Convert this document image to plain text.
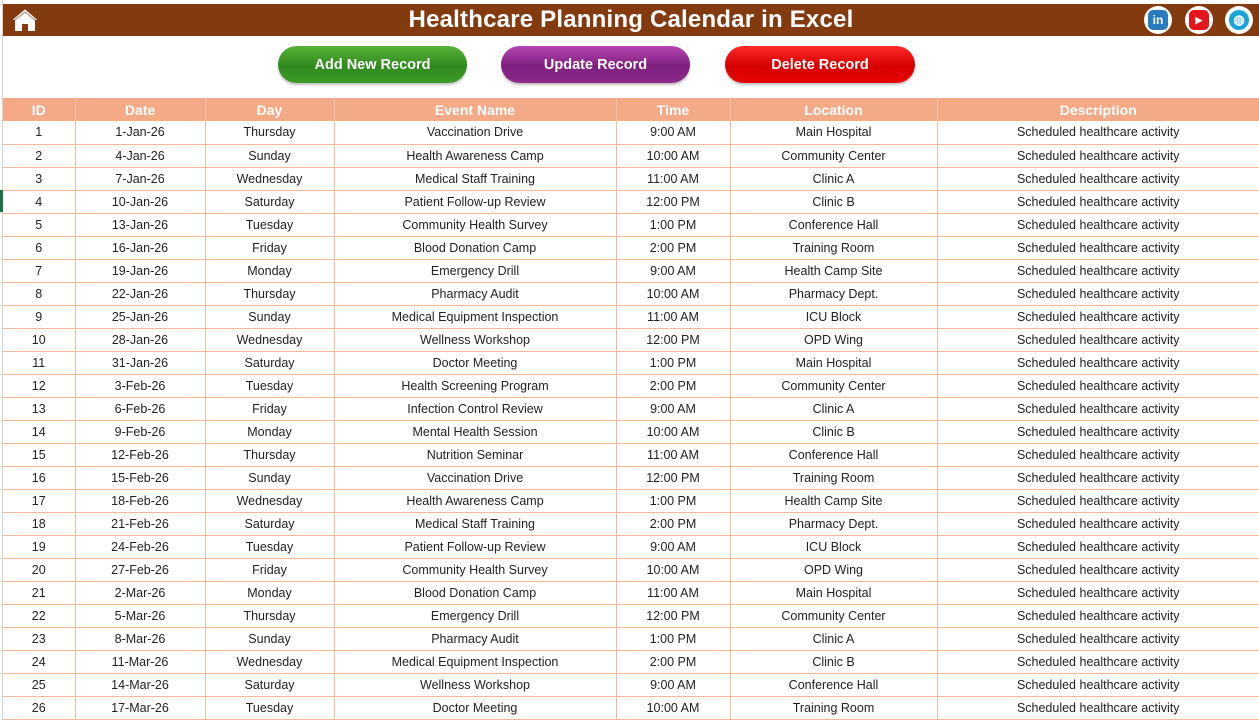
Healthcare Planning Calendar in Excel	in	▶	◍
Add New Record	Update Record	Delete Record
ID	Date	Day	Event Name	Time	Location	Description
1	1-Jan-26	Thursday	Vaccination Drive	9:00 AM	Main Hospital	Scheduled healthcare activity
2	4-Jan-26	Sunday	Health Awareness Camp	10:00 AM	Community Center	Scheduled healthcare activity
3	7-Jan-26	Wednesday	Medical Staff Training	11:00 AM	Clinic A	Scheduled healthcare activity
4	10-Jan-26	Saturday	Patient Follow-up Review	12:00 PM	Clinic B	Scheduled healthcare activity
5	13-Jan-26	Tuesday	Community Health Survey	1:00 PM	Conference Hall	Scheduled healthcare activity
6	16-Jan-26	Friday	Blood Donation Camp	2:00 PM	Training Room	Scheduled healthcare activity
7	19-Jan-26	Monday	Emergency Drill	9:00 AM	Health Camp Site	Scheduled healthcare activity
8	22-Jan-26	Thursday	Pharmacy Audit	10:00 AM	Pharmacy Dept.	Scheduled healthcare activity
9	25-Jan-26	Sunday	Medical Equipment Inspection	11:00 AM	ICU Block	Scheduled healthcare activity
10	28-Jan-26	Wednesday	Wellness Workshop	12:00 PM	OPD Wing	Scheduled healthcare activity
11	31-Jan-26	Saturday	Doctor Meeting	1:00 PM	Main Hospital	Scheduled healthcare activity
12	3-Feb-26	Tuesday	Health Screening Program	2:00 PM	Community Center	Scheduled healthcare activity
13	6-Feb-26	Friday	Infection Control Review	9:00 AM	Clinic A	Scheduled healthcare activity
14	9-Feb-26	Monday	Mental Health Session	10:00 AM	Clinic B	Scheduled healthcare activity
15	12-Feb-26	Thursday	Nutrition Seminar	11:00 AM	Conference Hall	Scheduled healthcare activity
16	15-Feb-26	Sunday	Vaccination Drive	12:00 PM	Training Room	Scheduled healthcare activity
17	18-Feb-26	Wednesday	Health Awareness Camp	1:00 PM	Health Camp Site	Scheduled healthcare activity
18	21-Feb-26	Saturday	Medical Staff Training	2:00 PM	Pharmacy Dept.	Scheduled healthcare activity
19	24-Feb-26	Tuesday	Patient Follow-up Review	9:00 AM	ICU Block	Scheduled healthcare activity
20	27-Feb-26	Friday	Community Health Survey	10:00 AM	OPD Wing	Scheduled healthcare activity
21	2-Mar-26	Monday	Blood Donation Camp	11:00 AM	Main Hospital	Scheduled healthcare activity
22	5-Mar-26	Thursday	Emergency Drill	12:00 PM	Community Center	Scheduled healthcare activity
23	8-Mar-26	Sunday	Pharmacy Audit	1:00 PM	Clinic A	Scheduled healthcare activity
24	11-Mar-26	Wednesday	Medical Equipment Inspection	2:00 PM	Clinic B	Scheduled healthcare activity
25	14-Mar-26	Saturday	Wellness Workshop	9:00 AM	Conference Hall	Scheduled healthcare activity
26	17-Mar-26	Tuesday	Doctor Meeting	10:00 AM	Training Room	Scheduled healthcare activity
